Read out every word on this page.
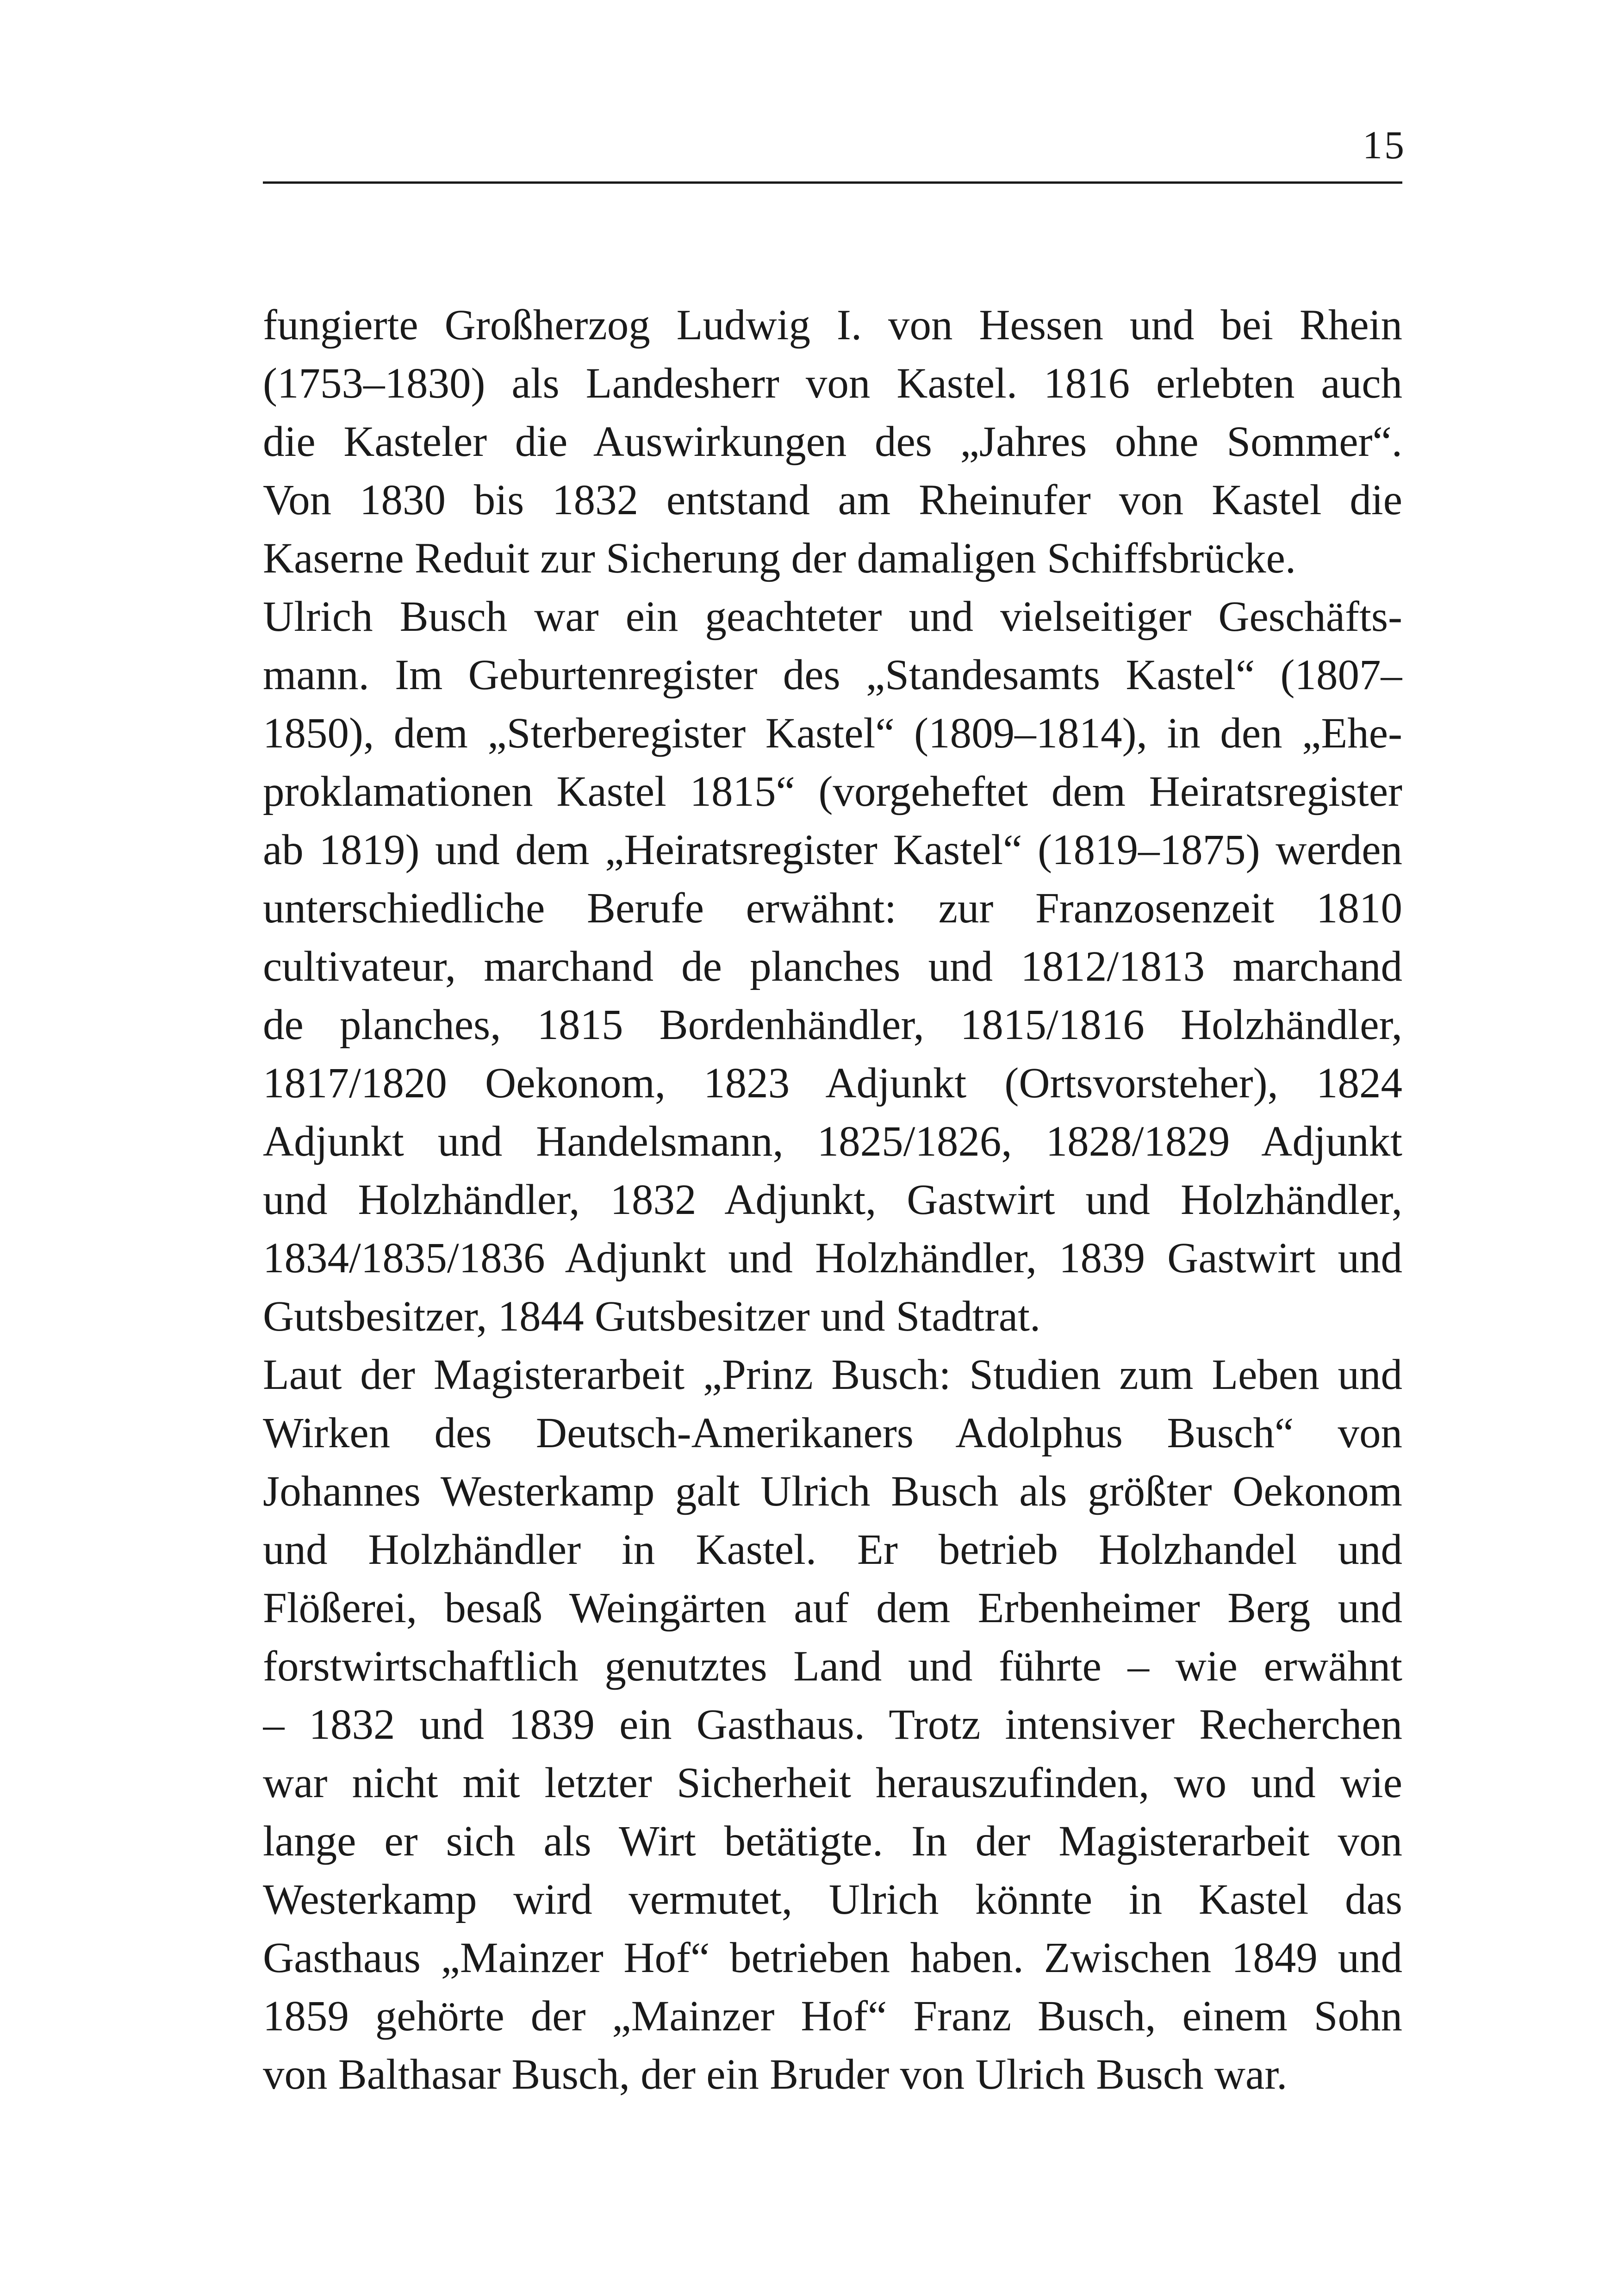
15
fungierte Großherzog Ludwig I. von Hessen und bei Rhein
(1753–1830) als Landesherr von Kastel. 1816 erlebten auch
die Kasteler die Auswirkungen des „Jahres ohne Sommer“.
Von 1830 bis 1832 entstand am Rheinufer von Kastel die
Kaserne Reduit zur Sicherung der damaligen Schiffsbrücke.
Ulrich Busch war ein geachteter und vielseitiger Geschäfts-
mann. Im Geburtenregister des „Standesamts Kastel“ (1807–
1850), dem „Sterberegister Kastel“ (1809–1814), in den „Ehe-
proklamationen Kastel 1815“ (vorgeheftet dem Heiratsregister
ab 1819) und dem „Heiratsregister Kastel“ (1819–1875) werden
unterschiedliche Berufe erwähnt: zur Franzosenzeit 1810
cultivateur, marchand de planches und 1812/1813 marchand
de planches, 1815 Bordenhändler, 1815/1816 Holzhändler,
1817/1820 Oekonom, 1823 Adjunkt (Ortsvorsteher), 1824
Adjunkt und Handelsmann, 1825/1826, 1828/1829 Adjunkt
und Holzhändler, 1832 Adjunkt, Gastwirt und Holzhändler,
1834/1835/1836 Adjunkt und Holzhändler, 1839 Gastwirt und
Gutsbesitzer, 1844 Gutsbesitzer und Stadtrat.
Laut der Magisterarbeit „Prinz Busch: Studien zum Leben und
Wirken des Deutsch-Amerikaners Adolphus Busch“ von
Johannes Westerkamp galt Ulrich Busch als größter Oekonom
und Holzhändler in Kastel. Er betrieb Holzhandel und
Flößerei, besaß Weingärten auf dem Erbenheimer Berg und
forstwirtschaftlich genutztes Land und führte – wie erwähnt
– 1832 und 1839 ein Gasthaus. Trotz intensiver Recherchen
war nicht mit letzter Sicherheit herauszufinden, wo und wie
lange er sich als Wirt betätigte. In der Magisterarbeit von
Westerkamp wird vermutet, Ulrich könnte in Kastel das
Gasthaus „Mainzer Hof“ betrieben haben. Zwischen 1849 und
1859 gehörte der „Mainzer Hof“ Franz Busch, einem Sohn
von Balthasar Busch, der ein Bruder von Ulrich Busch war.
